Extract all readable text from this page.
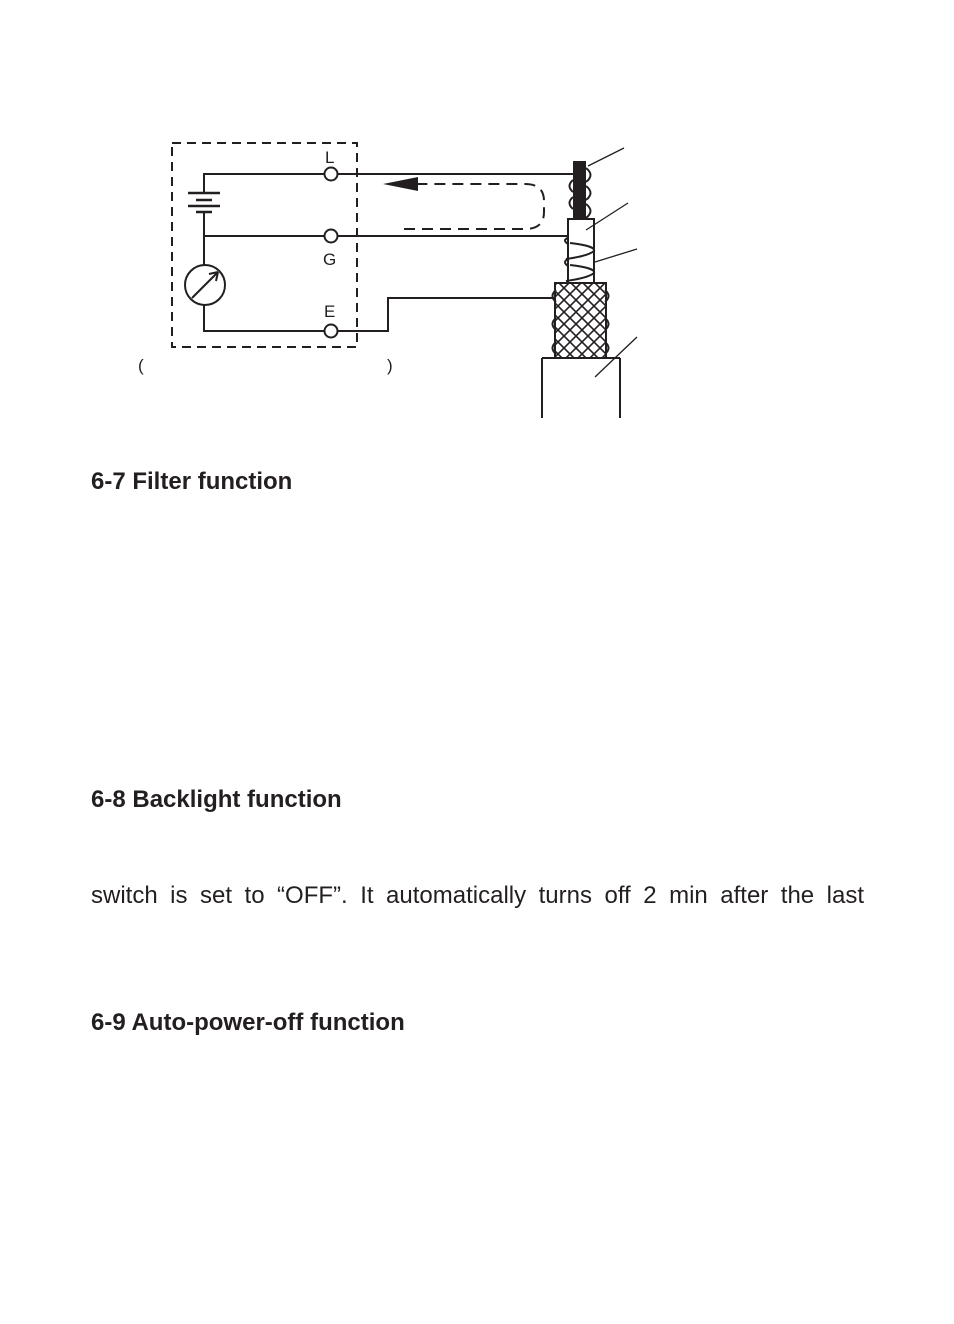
L
G
E
(	)
6-7 Filter function
6-8 Backlight function

switch is set to “OFF”. It automatically turns off 2 min after the last

6-9 Auto-power-off function
